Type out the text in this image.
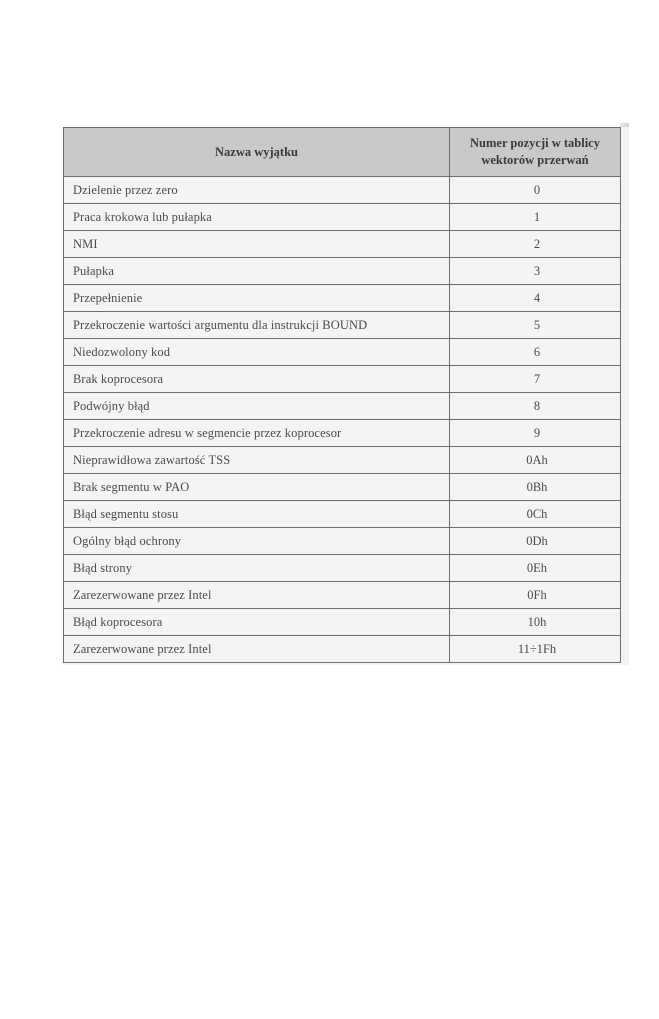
Nazwa wyjątku	Numer pozycji w tablicy
wektorów przerwań

Dzielenie przez zero	0
Praca krokowa lub pułapka	1
NMI	2
Pułapka	3
Przepełnienie	4
Przekroczenie wartości argumentu dla instrukcji BOUND	5
Niedozwolony kod	6
Brak koprocesora	7
Podwójny błąd	8
Przekroczenie adresu w segmencie przez koprocesor	9
Nieprawidłowa zawartość TSS	0Ah
Brak segmentu w PAO	0Bh
Błąd segmentu stosu	0Ch
Ogólny błąd ochrony	0Dh
Błąd strony	0Eh
Zarezerwowane przez Intel	0Fh
Błąd koprocesora	10h
Zarezerwowane przez Intel	11÷1Fh
